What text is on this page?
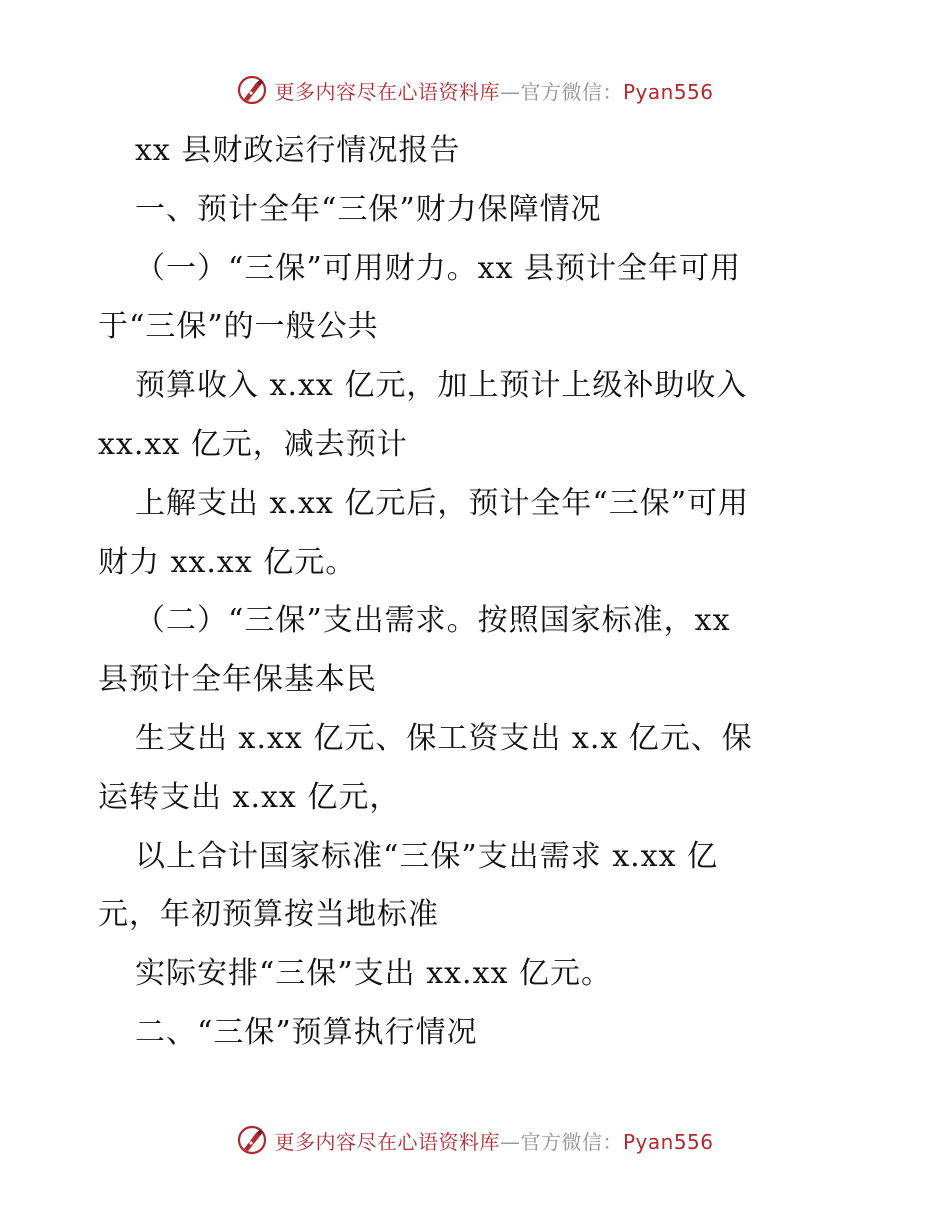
更多内容尽在心语资料库—官方微信：Pyan556
xx 县财政运行情况报告
一、预计全年“三保”财力保障情况
（一）“三保”可用财力。xx 县预计全年可用
于“三保”的一般公共
预算收入 x.xx 亿元，加上预计上级补助收入
xx.xx 亿元，减去预计
上解支出 x.xx 亿元后，预计全年“三保”可用
财力 xx.xx 亿元。
（二）“三保”支出需求。按照国家标准，xx
县预计全年保基本民
生支出 x.xx 亿元、保工资支出 x.x 亿元、保
运转支出 x.xx 亿元，
以上合计国家标准“三保”支出需求 x.xx 亿
元，年初预算按当地标准
实际安排“三保”支出 xx.xx 亿元。
二、“三保”预算执行情况
更多内容尽在心语资料库—官方微信：Pyan556
